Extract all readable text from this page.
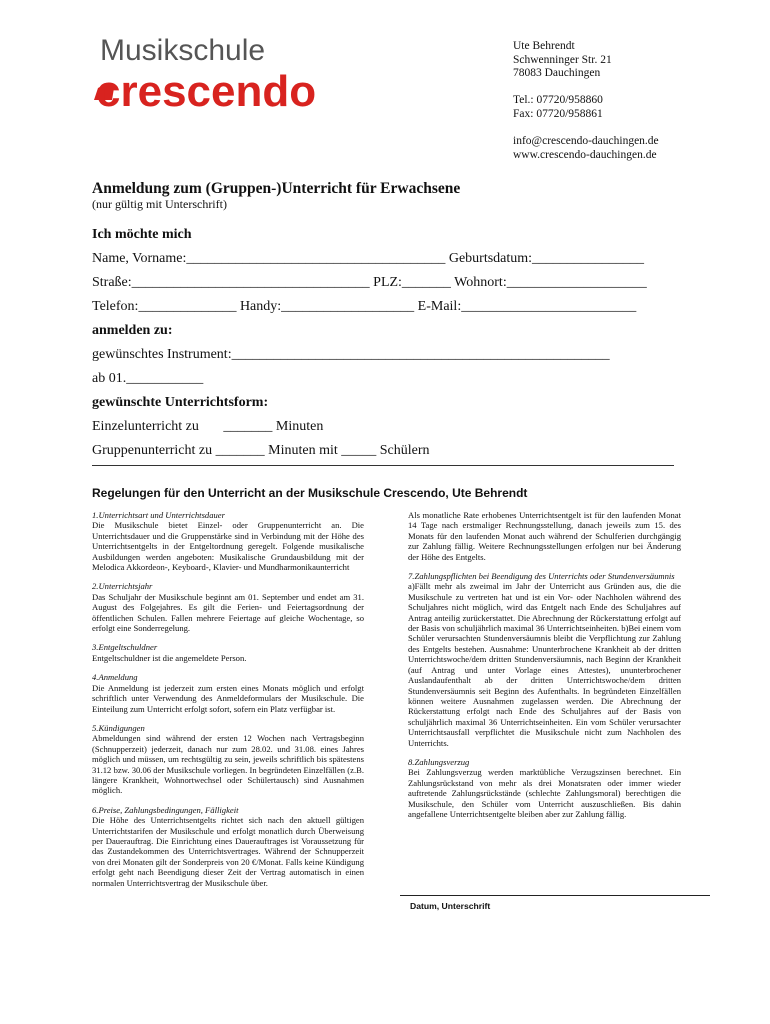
Musikschule
crescendo
Ute Behrendt
Schwenninger Str. 21
78083 Dauchingen
Tel.: 07720/958860
Fax: 07720/958861
info@crescendo-dauchingen.de
www.crescendo-dauchingen.de
Anmeldung zum (Gruppen-)Unterricht für Erwachsene
(nur gültig mit Unterschrift)
Ich möchte mich
Name, Vorname:_____________________________________ Geburtsdatum:________________
Straße:__________________________________ PLZ:_______ Wohnort:____________________
Telefon:______________ Handy:___________________ E-Mail:_________________________
anmelden zu:
gewünschtes Instrument:______________________________________________________
ab 01.___________
gewünschte Unterrichtsform:
Einzelunterricht zu       _______ Minuten
Gruppenunterricht zu _______ Minuten mit _____ Schülern
Regelungen für den Unterricht an der Musikschule Crescendo, Ute Behrendt

1.Unterrichtsart und Unterrichtsdauer

Die Musikschule bietet Einzel- oder Gruppenunterricht an. Die Unterrichtsdauer und die Gruppenstärke sind in Verbindung mit der Höhe des Unterrichtsentgelts in der Entgeltordnung geregelt. Folgende musikalische Ausbildungen werden angeboten: Musikalische Grundausbildung mit der Melodica Akkordeon-, Keyboard-, Klavier- und Mundharmonikaunterricht

2.Unterrichtsjahr

Das Schuljahr der Musikschule beginnt am 01. September und endet am 31. August des Folgejahres. Es gilt die Ferien- und Feiertagsordnung der öffentlichen Schulen. Fallen mehrere Feiertage auf gleiche Wochentage, so erfolgt eine Sonderregelung.

3.Entgeltschuldner

Entgeltschuldner ist die angemeldete Person.

4.Anmeldung

Die Anmeldung ist jederzeit zum ersten eines Monats möglich und erfolgt schriftlich unter Verwendung des Anmeldeformulars der Musikschule. Die Einteilung zum Unterricht erfolgt sofort, sofern ein Platz verfügbar ist.

5.Kündigungen

Abmeldungen sind während der ersten 12 Wochen nach Vertragsbeginn (Schnupperzeit) jederzeit, danach nur zum 28.02. und 31.08. eines Jahres möglich und müssen, um rechtsgültig zu sein, jeweils schriftlich bis spätestens 31.12 bzw. 30.06 der Musikschule vorliegen. In begründeten Einzelfällen (z.B. längere Krankheit, Wohnortwechsel oder Schülertausch) sind Ausnahmen möglich.

6.Preise, Zahlungsbedingungen, Fälligkeit

Die Höhe des Unterrichtsentgelts richtet sich nach den aktuell gültigen Unterrichtstarifen der Musikschule und erfolgt monatlich durch Überweisung per Dauerauftrag. Die Einrichtung eines Dauerauftrages ist Voraussetzung für das Zustandekommen des Unterrichtsvertrages. Während der Schnupperzeit von drei Monaten gilt der Sonderpreis von 20 €/Monat. Falls keine Kündigung erfolgt geht nach Beendigung dieser Zeit der Vertrag automatisch in einen normalen Unterrichtsvertrag der Musikschule über.

Als monatliche Rate erhobenes Unterrichtsentgelt ist für den laufenden Monat 14 Tage nach erstmaliger Rechnungsstellung, danach jeweils zum 15. des Monats für den laufenden Monat auch während der Schulferien durchgängig zur Zahlung fällig. Weitere Rechnungsstellungen erfolgen nur bei Änderung der Höhe des Entgelts.

7.Zahlungspflichten bei Beendigung des Unterrichts oder Stundenversäumnis

a)Fällt mehr als zweimal im Jahr der Unterricht aus Gründen aus, die die Musikschule zu vertreten hat und ist ein Vor- oder Nachholen während des Schuljahres nicht möglich, wird das Entgelt nach Ende des Schuljahres auf Antrag anteilig zurückerstattet. Die Abrechnung der Rückerstattung erfolgt auf der Basis von schuljährlich maximal 36 Unterrichtseinheiten. b)Bei einem vom Schüler verursachten Stundenversäumnis bleibt die Verpflichtung zur Zahlung des Entgelts bestehen. Ausnahme: Ununterbrochene Krankheit ab der dritten Unterrichtswoche/dem dritten Stundenversäumnis, nach Beginn der Krankheit (auf Antrag und unter Vorlage eines Attestes), ununterbrochener Auslandaufenthalt ab der dritten Unterrichtswoche/dem dritten Stundenversäumnis seit Beginn des Aufenthalts. In begründeten Einzelfällen können weitere Ausnahmen zugelassen werden. Die Abrechnung der Rückerstattung erfolgt nach Ende des Schuljahres auf der Basis von schuljährlich maximal 36 Unterrichtseinheiten. Ein vom Schüler verursachter Unterrichtsausfall verpflichtet die Musikschule nicht zum Nachholen des Unterrichts.

8.Zahlungsverzug

Bei Zahlungsverzug werden marktübliche Verzugszinsen berechnet. Ein Zahlungsrückstand von mehr als drei Monatsraten oder immer wieder auftretende Zahlungsrückstände (schlechte Zahlungsmoral) berechtigen die Musikschule, den Schüler vom Unterricht auszuschließen. Bis dahin angefallene Unterrichtsentgelte bleiben aber zur Zahlung fällig.

Datum, Unterschrift
